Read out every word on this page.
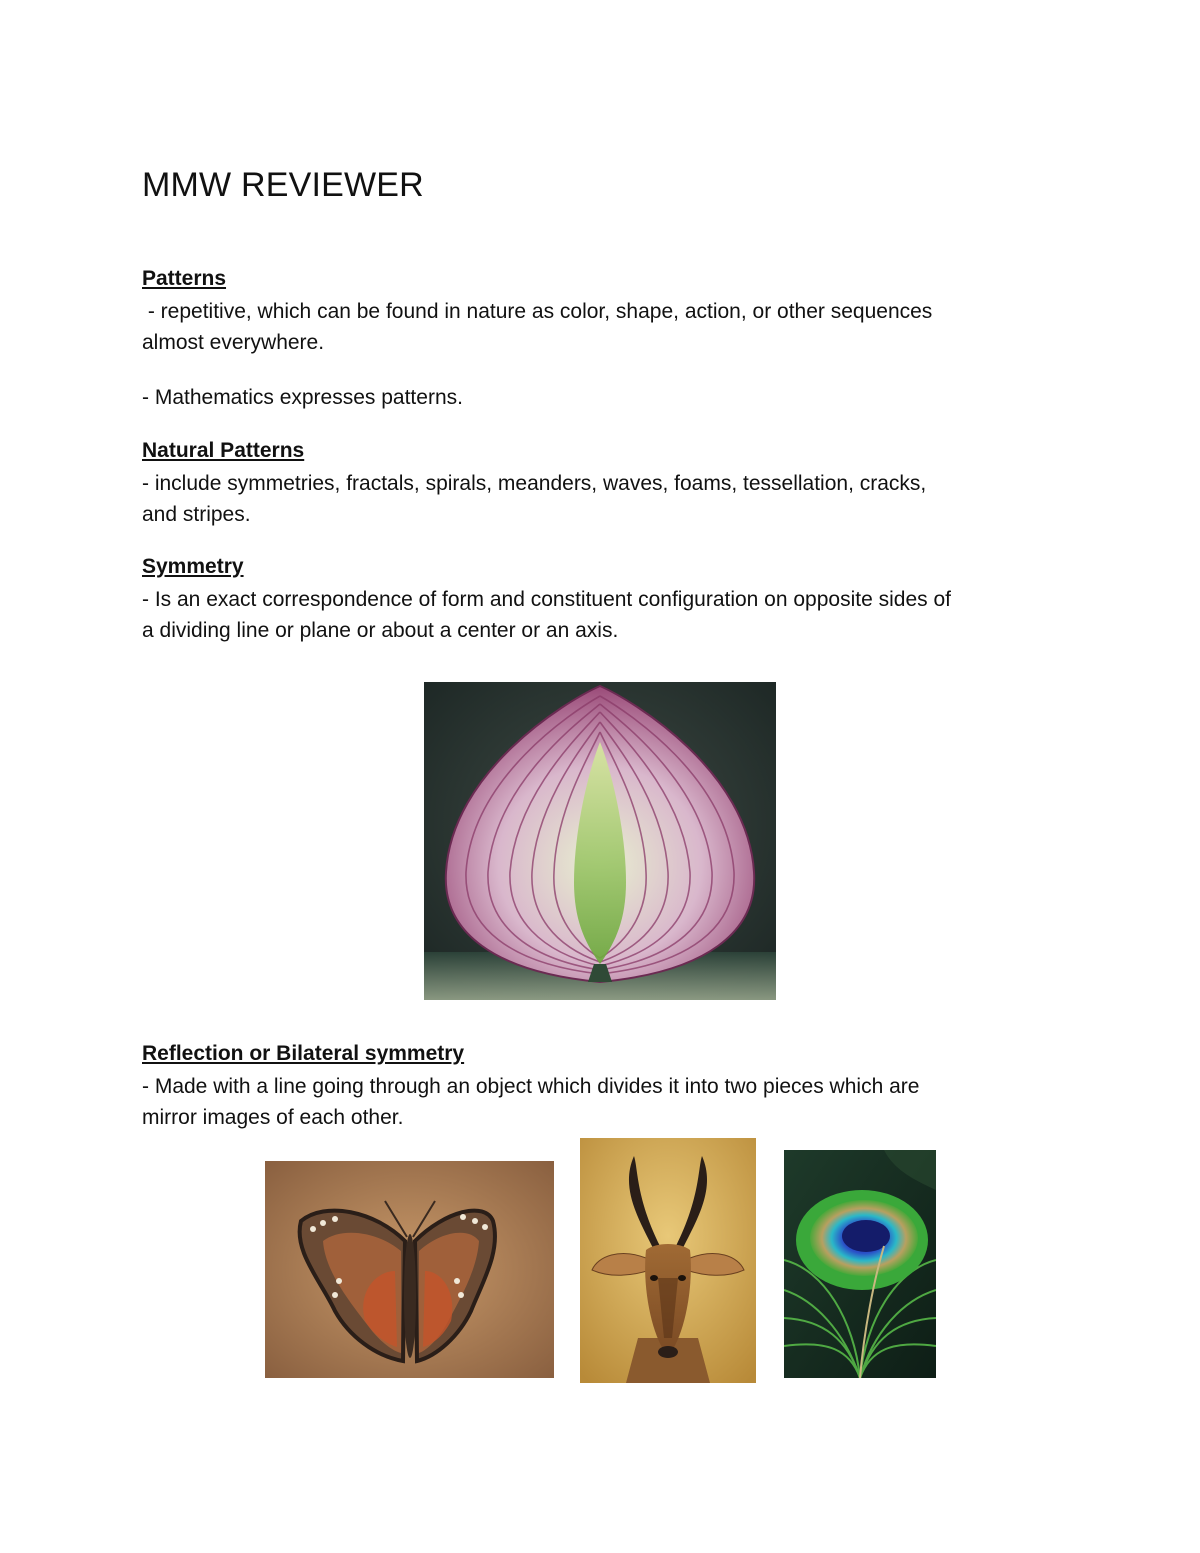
MMW REVIEWER
Patterns
- repetitive, which can be found in nature as color, shape, action, or other sequences
almost everywhere.
- Mathematics expresses patterns.
Natural Patterns
- include symmetries, fractals, spirals, meanders, waves, foams, tessellation, cracks,
and stripes.
Symmetry
- Is an exact correspondence of form and constituent configuration on opposite sides of
a dividing line or plane or about a center or an axis.
Reflection or Bilateral symmetry
- Made with a line going through an object which divides it into two pieces which are
mirror images of each other.
